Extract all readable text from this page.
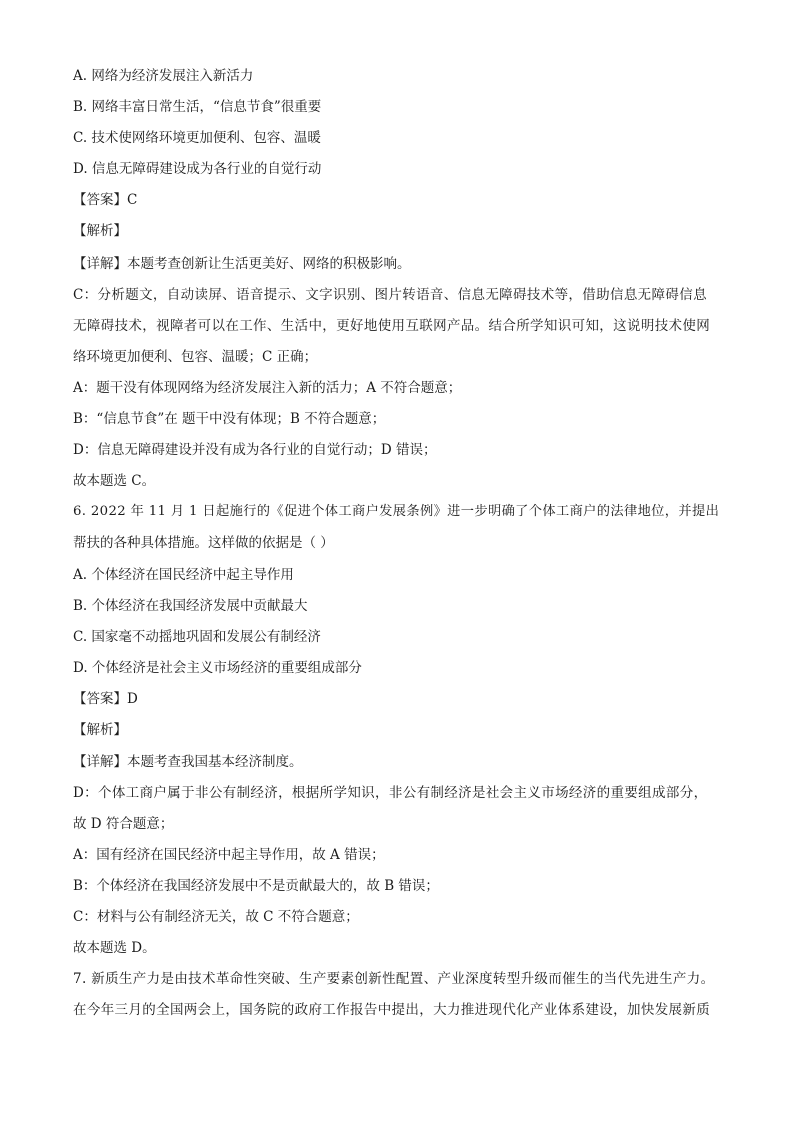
A. 网络为经济发展注入新活力
B. 网络丰富日常生活，“信息节食”很重要
C. 技术使网络环境更加便利、包容、温暖
D. 信息无障碍建设成为各行业的自觉行动
【答案】C
【解析】
【详解】本题考查创新让生活更美好、网络的积极影响。
C：分析题文，自动读屏、语音提示、文字识别、图片转语音、信息无障碍技术等，借助信息无障碍信息
无障碍技术，视障者可以在工作、生活中，更好地使用互联网产品。结合所学知识可知，这说明技术使网
络环境更加便利、包容、温暖；C 正确；
A：题干没有体现网络为经济发展注入新的活力；A 不符合题意；
B：“信息节食”在 题干中没有体现；B 不符合题意；
D：信息无障碍建设并没有成为各行业的自觉行动；D 错误；
故本题选 C。
6. 2022 年 11 月 1 日起施行的《促进个体工商户发展条例》进一步明确了个体工商户的法律地位，并提出
帮扶的各种具体措施。这样做的依据是（ ）
A. 个体经济在国民经济中起主导作用
B. 个体经济在我国经济发展中贡献最大
C. 国家毫不动摇地巩固和发展公有制经济
D. 个体经济是社会主义市场经济的重要组成部分
【答案】D
【解析】
【详解】本题考查我国基本经济制度。
D：个体工商户属于非公有制经济，根据所学知识，非公有制经济是社会主义市场经济的重要组成部分，
故 D 符合题意；
A：国有经济在国民经济中起主导作用，故 A 错误；
B：个体经济在我国经济发展中不是贡献最大的，故 B 错误；
C：材料与公有制经济无关，故 C 不符合题意；
故本题选 D。
7. 新质生产力是由技术革命性突破、生产要素创新性配置、产业深度转型升级而催生的当代先进生产力。
在今年三月的全国两会上，国务院的政府工作报告中提出，大力推进现代化产业体系建设，加快发展新质
